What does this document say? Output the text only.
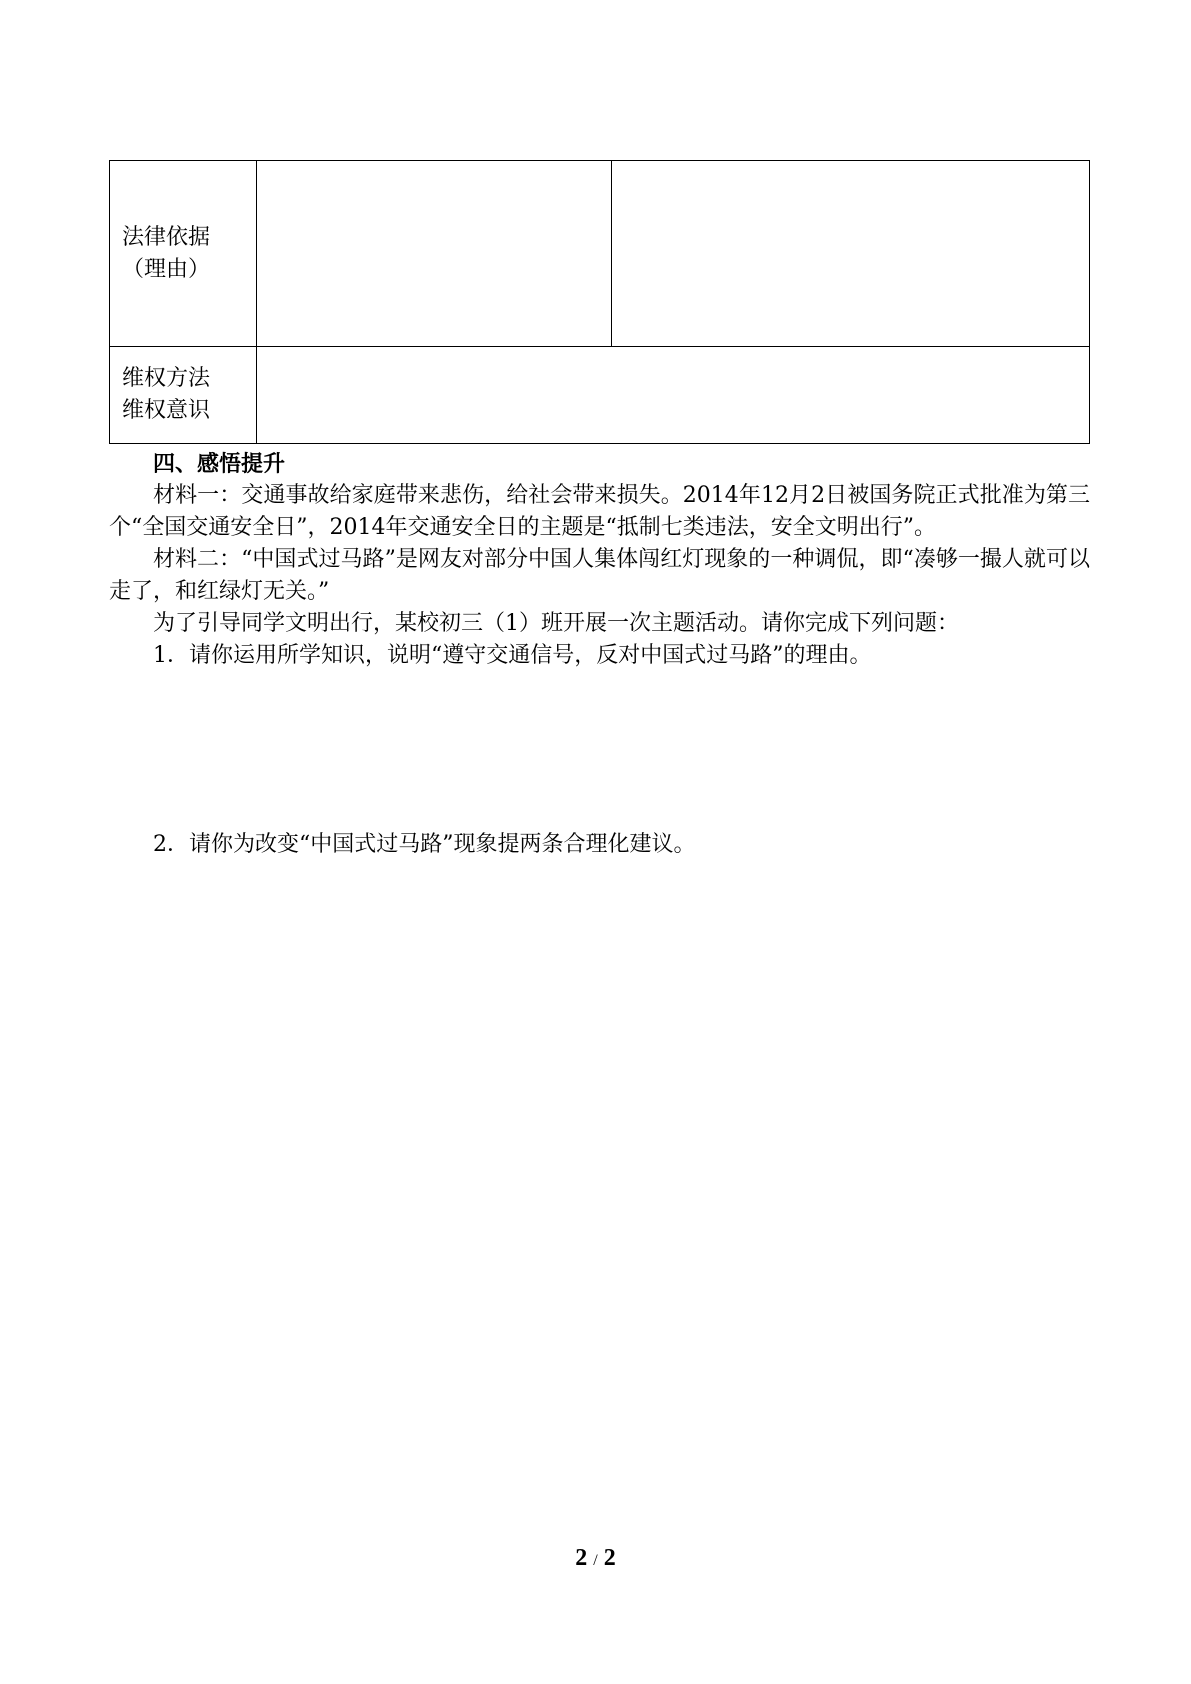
法律依据
（理由）		

维权方法
维权意识		

四、感悟提升

材料一：交通事故给家庭带来悲伤，给社会带来损失。2014年12月2日被国务院正式批准为第三个“全国交通安全日”，2014年交通安全日的主题是“抵制七类违法，安全文明出行”。

材料二：“中国式过马路”是网友对部分中国人集体闯红灯现象的一种调侃，即“凑够一撮人就可以走了，和红绿灯无关。”

为了引导同学文明出行，某校初三（1）班开展一次主题活动。请你完成下列问题：

1．请你运用所学知识，说明“遵守交通信号，反对中国式过马路”的理由。
2．请你为改变“中国式过马路”现象提两条合理化建议。
2 / 2
